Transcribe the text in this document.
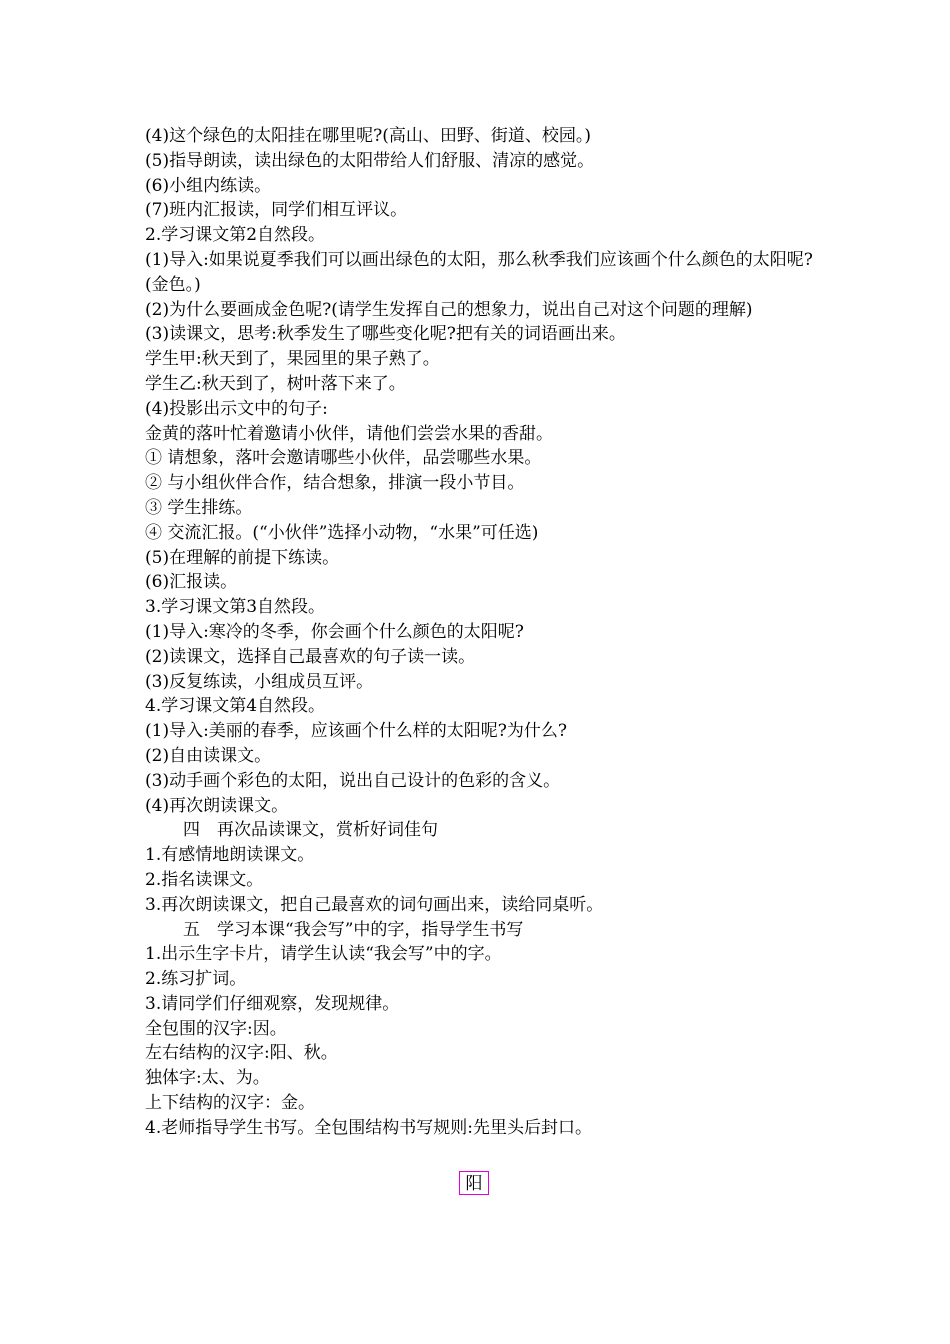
(4)这个绿色的太阳挂在哪里呢?(高山、田野、街道、校园。)
(5)指导朗读，读出绿色的太阳带给人们舒服、清凉的感觉。
(6)小组内练读。
(7)班内汇报读，同学们相互评议。
2.学习课文第2自然段。
(1)导入:如果说夏季我们可以画出绿色的太阳，那么秋季我们应该画个什么颜色的太阳呢?(金色。)
(2)为什么要画成金色呢?(请学生发挥自己的想象力，说出自己对这个问题的理解)
(3)读课文，思考:秋季发生了哪些变化呢?把有关的词语画出来。
学生甲:秋天到了，果园里的果子熟了。
学生乙:秋天到了，树叶落下来了。
(4)投影出示文中的句子:
金黄的落叶忙着邀请小伙伴，请他们尝尝水果的香甜。
① 请想象，落叶会邀请哪些小伙伴，品尝哪些水果。
② 与小组伙伴合作，结合想象，排演一段小节目。
③ 学生排练。
④ 交流汇报。(“小伙伴”选择小动物，“水果”可任选)
(5)在理解的前提下练读。
(6)汇报读。
3.学习课文第3自然段。
(1)导入:寒冷的冬季，你会画个什么颜色的太阳呢?
(2)读课文，选择自己最喜欢的句子读一读。
(3)反复练读，小组成员互评。
4.学习课文第4自然段。
(1)导入:美丽的春季，应该画个什么样的太阳呢?为什么?
(2)自由读课文。
(3)动手画个彩色的太阳，说出自己设计的色彩的含义。
(4)再次朗读课文。
四　再次品读课文，赏析好词佳句
1.有感情地朗读课文。
2.指名读课文。
3.再次朗读课文，把自己最喜欢的词句画出来，读给同桌听。
五　学习本课“我会写”中的字，指导学生书写
1.出示生字卡片，请学生认读“我会写”中的字。
2.练习扩词。
3.请同学们仔细观察，发现规律。
全包围的汉字:因。
左右结构的汉字:阳、秋。
独体字:太、为。
上下结构的汉字：金。
4.老师指导学生书写。全包围结构书写规则:先里头后封口。
阳
